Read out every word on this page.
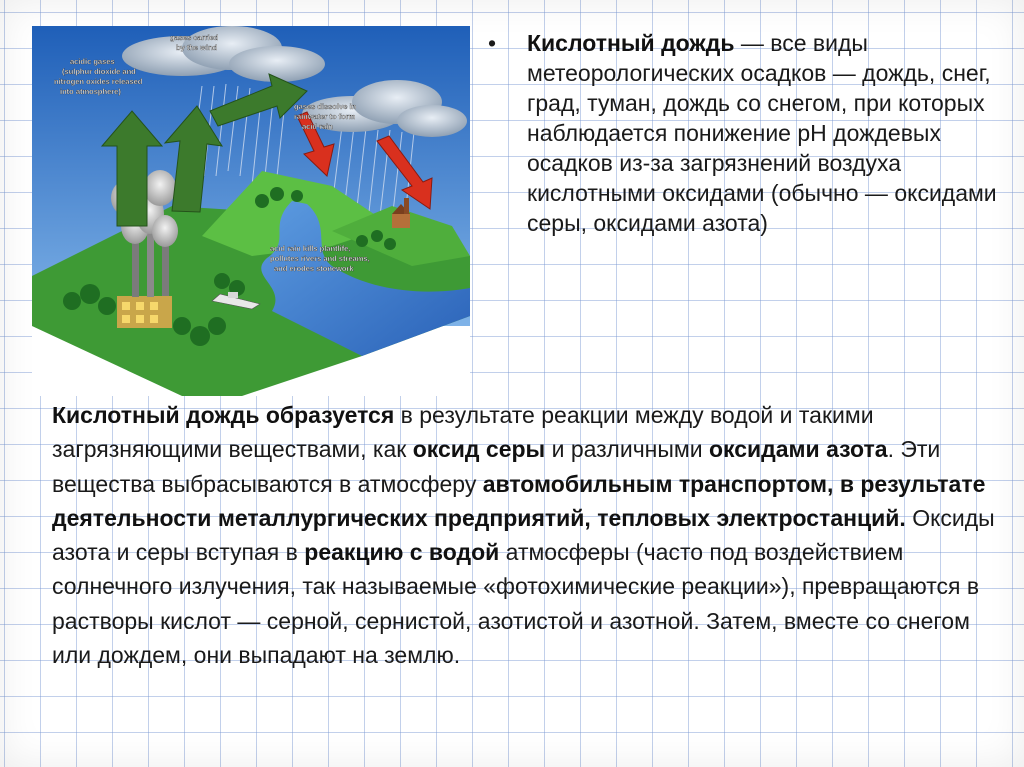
acidic gases
(sulphur dioxide and
nitrogen oxides released
into atmosphere)
gases carried
by the wind
gases dissolve in
rainwater to form
acid rain
acid rain kills plantlife,
pollutes rivers and streams,
and erodes stonework
• Кислотный дождь — все виды метеорологических осадков — дождь, снег, град, туман, дождь со снегом, при которых наблюдается понижение pH дождевых осадков из-за загрязнений воздуха кислотными оксидами (обычно — оксидами серы, оксидами азота)
Кислотный дождь образуется в результате реакции между водой и такими загрязняющими веществами, как оксид серы и различными оксидами азота. Эти вещества выбрасываются в атмосферу автомобильным транспортом, в результате деятельности металлургических предприятий, тепловых электростанций. Оксиды азота и серы вступая в реакцию с водой атмосферы (часто под воздействием солнечного излучения, так называемые «фотохимические реакции»), превращаются в растворы кислот — серной, сернистой, азотистой и азотной. Затем, вместе со снегом или дождем, они выпадают на землю.
